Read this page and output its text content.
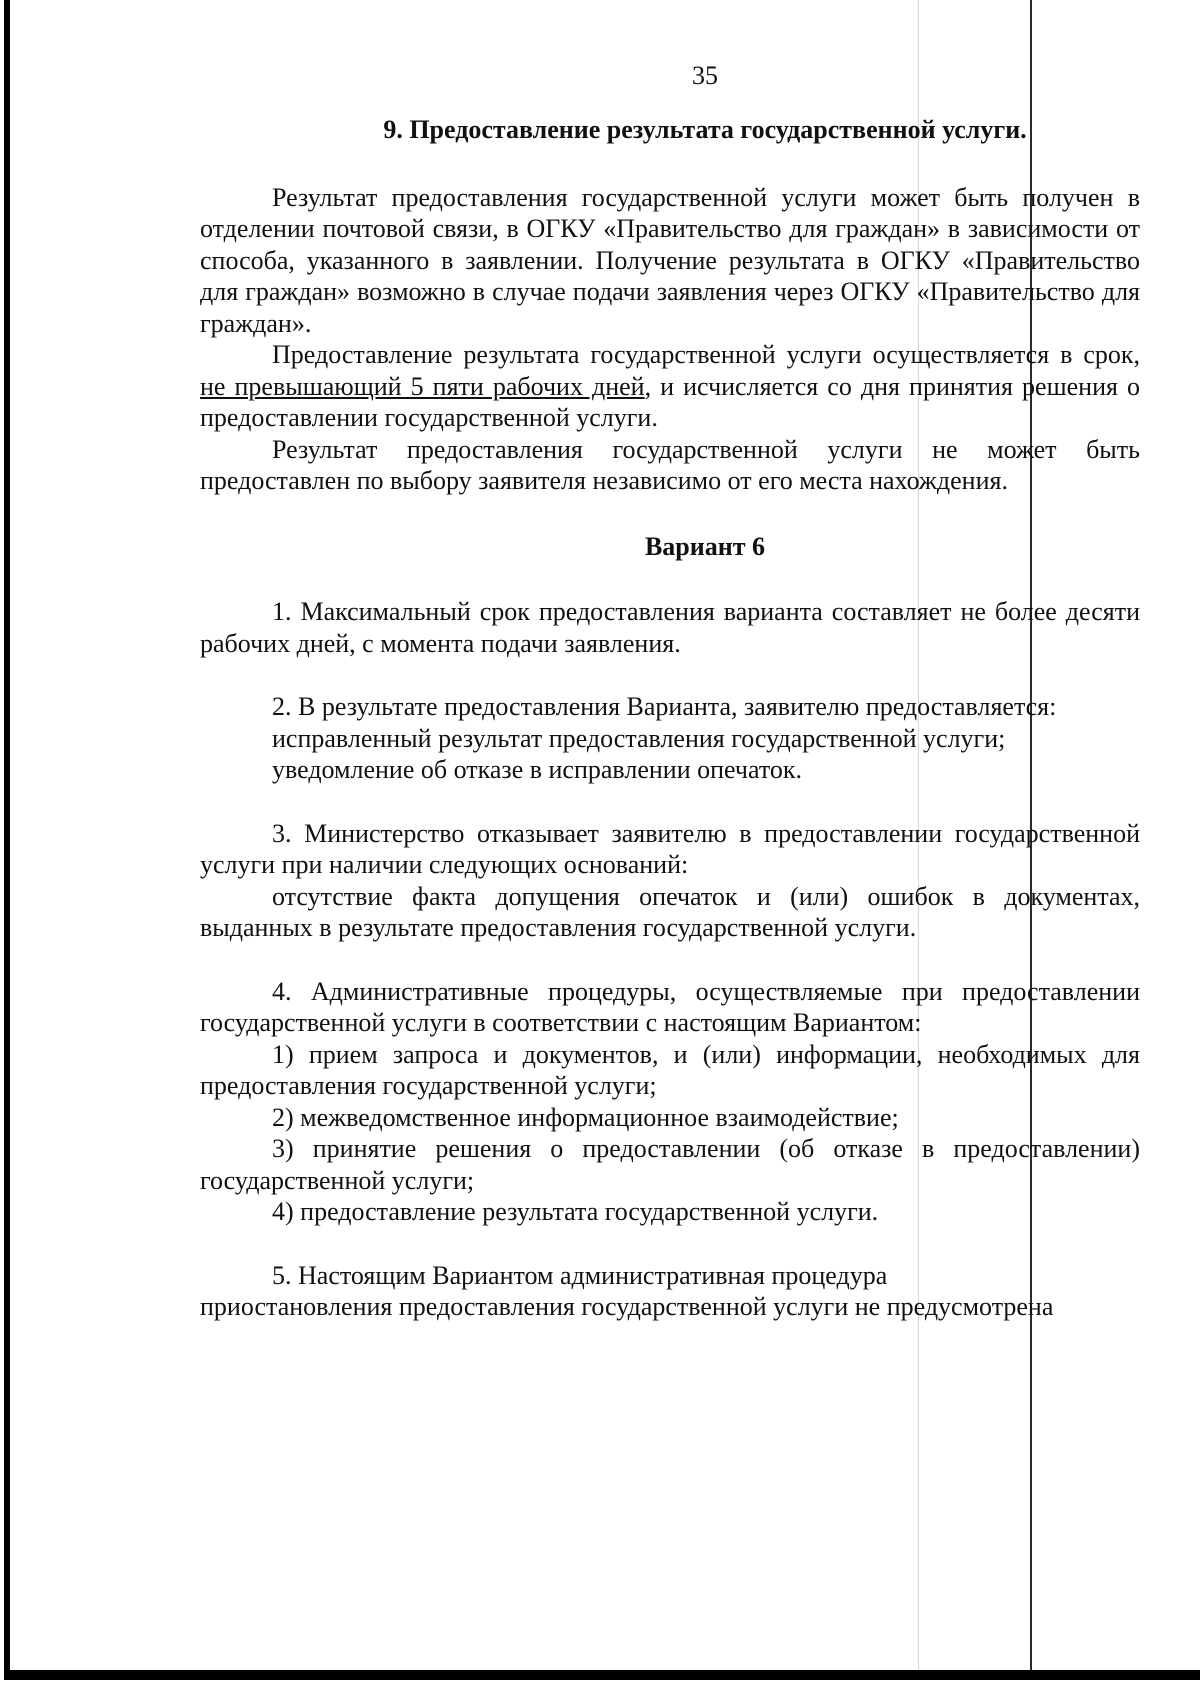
35
9. Предоставление результата государственной услуги.

Результат предоставления государственной услуги может быть получен в отделении почтовой связи, в ОГКУ «Правительство для граждан» в зависимости от способа, указанного в заявлении. Получение результата в ОГКУ «Правительство для граждан» возможно в случае подачи заявления через ОГКУ «Правительство для граждан».

Предоставление результата государственной услуги осуществляется в срок, не превышающий 5 пяти рабочих дней, и исчисляется со дня принятия решения о предоставлении государственной услуги.

Результат предоставления государственной услуги не может быть предоставлен по выбору заявителя независимо от его места нахождения.

Вариант 6

1. Максимальный срок предоставления варианта составляет не более десяти рабочих дней, с момента подачи заявления.

2. В результате предоставления Варианта, заявителю предоставляется:

исправленный результат предоставления государственной услуги;

уведомление об отказе в исправлении опечаток.

3. Министерство отказывает заявителю в предоставлении государственной услуги при наличии следующих оснований:

отсутствие факта допущения опечаток и (или) ошибок в документах, выданных в результате предоставления государственной услуги.

4. Административные процедуры, осуществляемые при предоставлении государственной услуги в соответствии с настоящим Вариантом:

1) прием запроса и документов, и (или) информации, необходимых для предоставления государственной услуги;

2) межведомственное информационное взаимодействие;

3) принятие решения о предоставлении (об отказе в предоставлении) государственной услуги;

4) предоставление результата государственной услуги.

5. Настоящим Вариантом административная процедура

приостановления предоставления государственной услуги не предусмотрена
